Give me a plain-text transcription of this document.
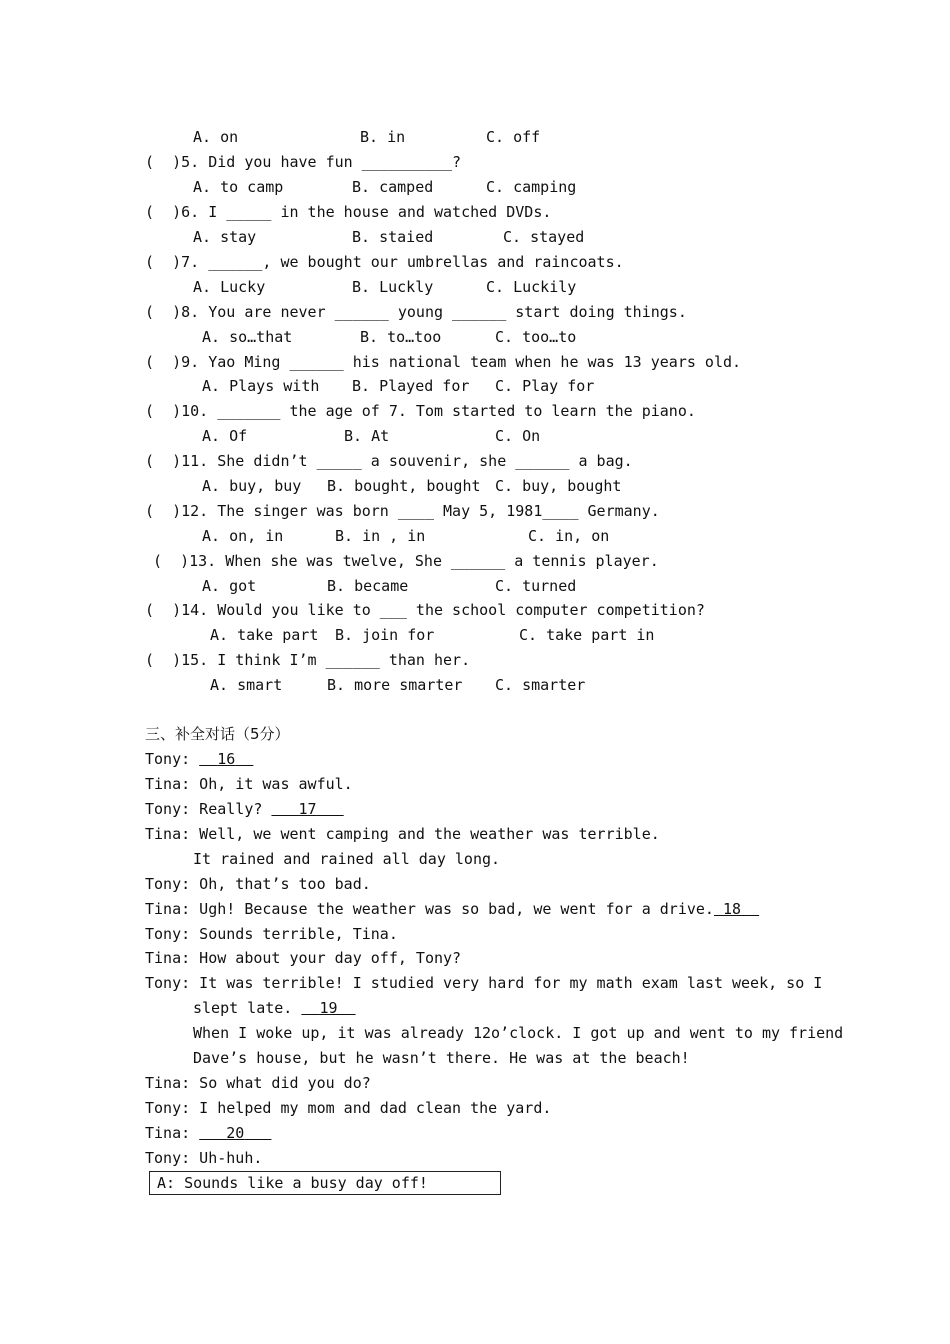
A. on	B. in	C. off
(  )5. Did you have fun __________?
A. to camp	B. camped	C. camping
(  )6. I _____ in the house and watched DVDs.
A. stay	B. staied	C. stayed
(  )7. ______, we bought our umbrellas and raincoats.
A. Lucky	B. Luckly	C. Luckily
(  )8. You are never ______ young ______ start doing things.
A. so…that	B. to…too	C. too…to
(  )9. Yao Ming ______ his national team when he was 13 years old.
A. Plays with B. Played for C. Play for
(  )10. _______ the age of 7. Tom started to learn the piano.
A. Of	B. At	C. On
(  )11. She didn’t _____ a souvenir, she ______ a bag.
A. buy, buy B. bought, bought C. buy, bought
(  )12. The singer was born ____ May 5, 1981____ Germany.
A. on, in	B. in , in	C. in, on
(  )13. When she was twelve, She ______ a tennis player.
A. got	B. became	C. turned
(  )14. Would you like to ___ the school computer competition?
A. take part B. join for	C. take part in
(  )15. I think I’m ______ than her.
A. smart	B. more smarter C. smarter
三、补全对话（5分）
Tony: 16
Tina: Oh, it was awful.
Tony: Really? 17
Tina: Well, we went camping and the weather was terrible.
It rained and rained all day long.
Tony: Oh, that’s too bad.
Tina: Ugh! Because the weather was so bad, we went for a drive. 18
Tony: Sounds terrible, Tina.
Tina: How about your day off, Tony?
Tony: It was terrible! I studied very hard for my math exam last week, so I
slept late. 19
When I woke up, it was already 12o’clock. I got up and went to my friend
Dave’s house, but he wasn’t there. He was at the beach!
Tina: So what did you do?
Tony: I helped my mom and dad clean the yard.
Tina: 20
Tony: Uh-huh.
A: Sounds like a busy day off!
